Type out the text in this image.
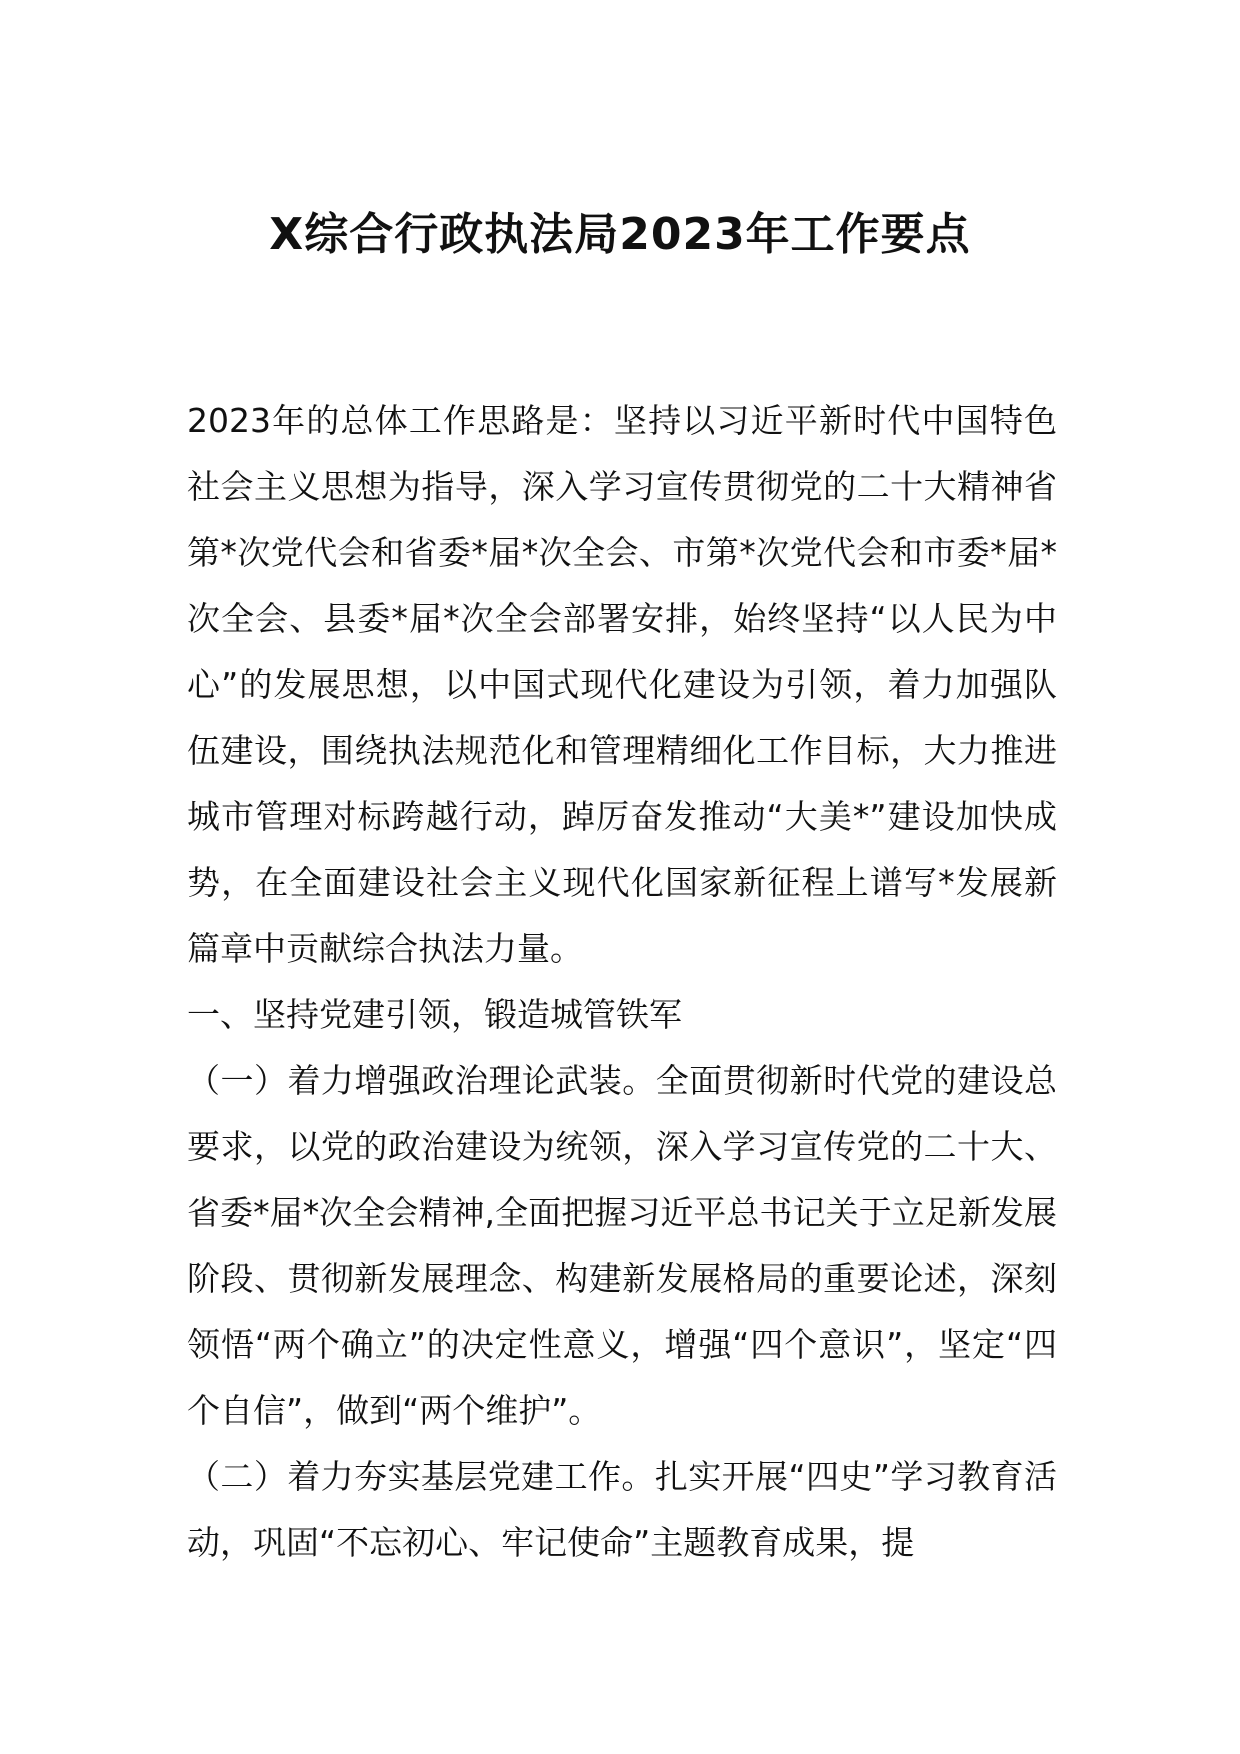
X综合行政执法局2023年工作要点

2023年的总体工作思路是：坚持以习近平新时代中国特色社会主义思想为指导，深入学习宣传贯彻党的二十大精神省第*次党代会和省委*届*次全会、市第*次党代会和市委*届*次全会、县委*届*次全会部署安排，始终坚持“以人民为中心”的发展思想，以中国式现代化建设为引领，着力加强队伍建设，围绕执法规范化和管理精细化工作目标，大力推进城市管理对标跨越行动，踔厉奋发推动“大美*”建设加快成势，在全面建设社会主义现代化国家新征程上谱写*发展新篇章中贡献综合执法力量。

一、坚持党建引领，锻造城管铁军

（一）着力增强政治理论武装。全面贯彻新时代党的建设总要求，以党的政治建设为统领，深入学习宣传党的二十大、省委*届*次全会精神,全面把握习近平总书记关于立足新发展阶段、贯彻新发展理念、构建新发展格局的重要论述，深刻领悟“两个确立”的决定性意义，增强“四个意识”，坚定“四个自信”，做到“两个维护”。

（二）着力夯实基层党建工作。扎实开展“四史”学习教育活动，巩固“不忘初心、牢记使命”主题教育成果，提
